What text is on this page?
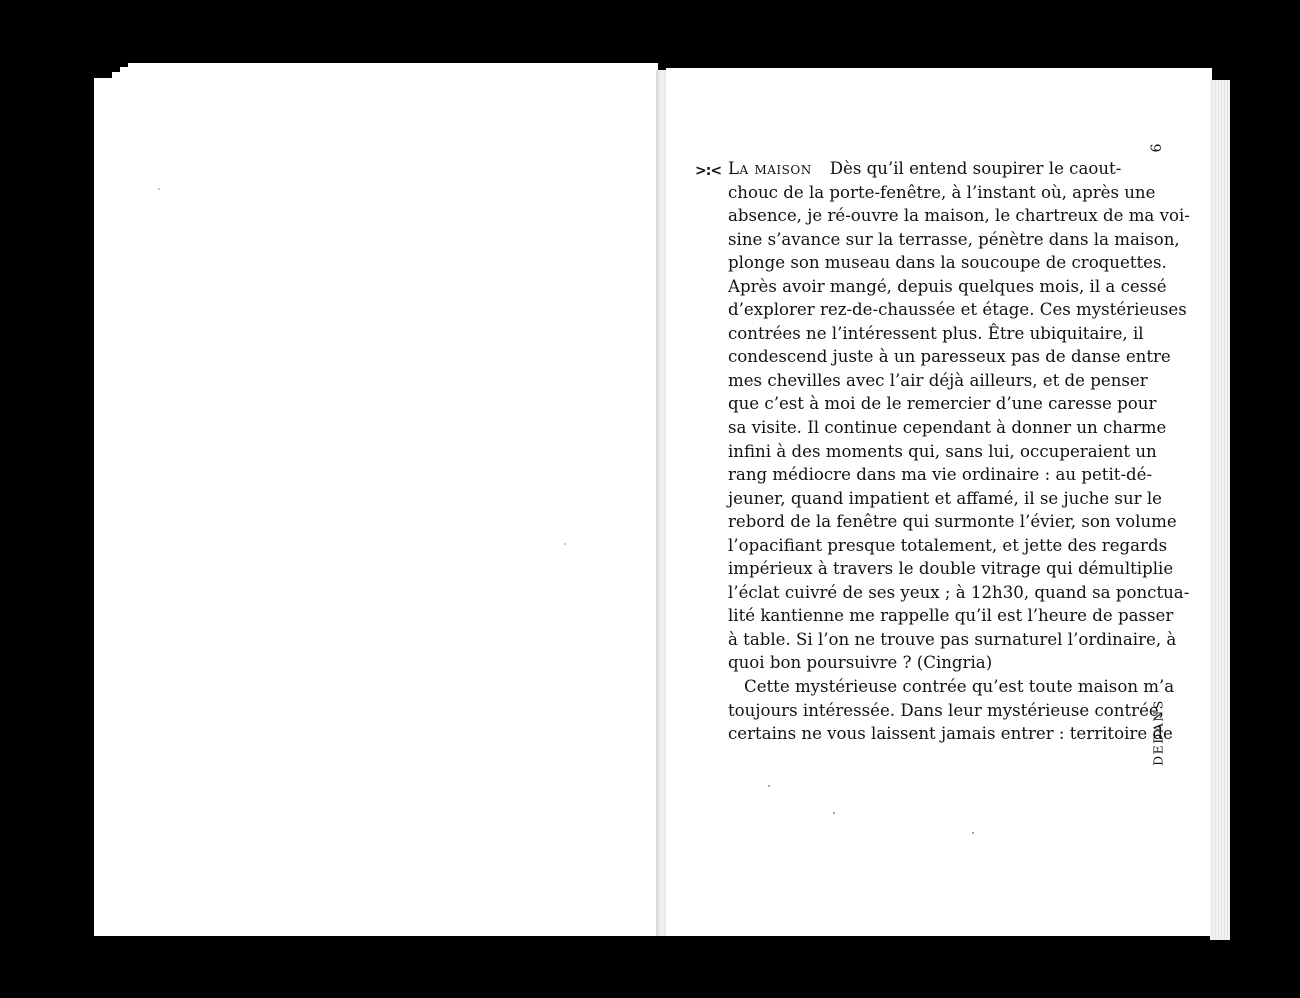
>:<
9
DEDANS
La maison Dès qu’il entend soupirer le caout-
chouc de la porte-fenêtre, à l’instant où, après une
absence, je ré-ouvre la maison, le chartreux de ma voi-
sine s’avance sur la terrasse, pénètre dans la maison,
plonge son museau dans la soucoupe de croquettes.
Après avoir mangé, depuis quelques mois, il a cessé
d’explorer rez-de-chaussée et étage. Ces mystérieuses
contrées ne l’intéressent plus. Être ubiquitaire, il
condescend juste à un paresseux pas de danse entre
mes chevilles avec l’air déjà ailleurs, et de penser
que c’est à moi de le remercier d’une caresse pour
sa visite. Il continue cependant à donner un charme
infini à des moments qui, sans lui, occuperaient un
rang médiocre dans ma vie ordinaire : au petit-dé-
jeuner, quand impatient et affamé, il se juche sur le
rebord de la fenêtre qui surmonte l’évier, son volume
l’opacifiant presque totalement, et jette des regards
impérieux à travers le double vitrage qui démultiplie
l’éclat cuivré de ses yeux ; à 12h30, quand sa ponctua-
lité kantienne me rappelle qu’il est l’heure de passer
à table. Si l’on ne trouve pas surnaturel l’ordinaire, à
quoi bon poursuivre ? (Cingria)
Cette mystérieuse contrée qu’est toute maison m’a
toujours intéressée. Dans leur mystérieuse contrée,
certains ne vous laissent jamais entrer : territoire de
